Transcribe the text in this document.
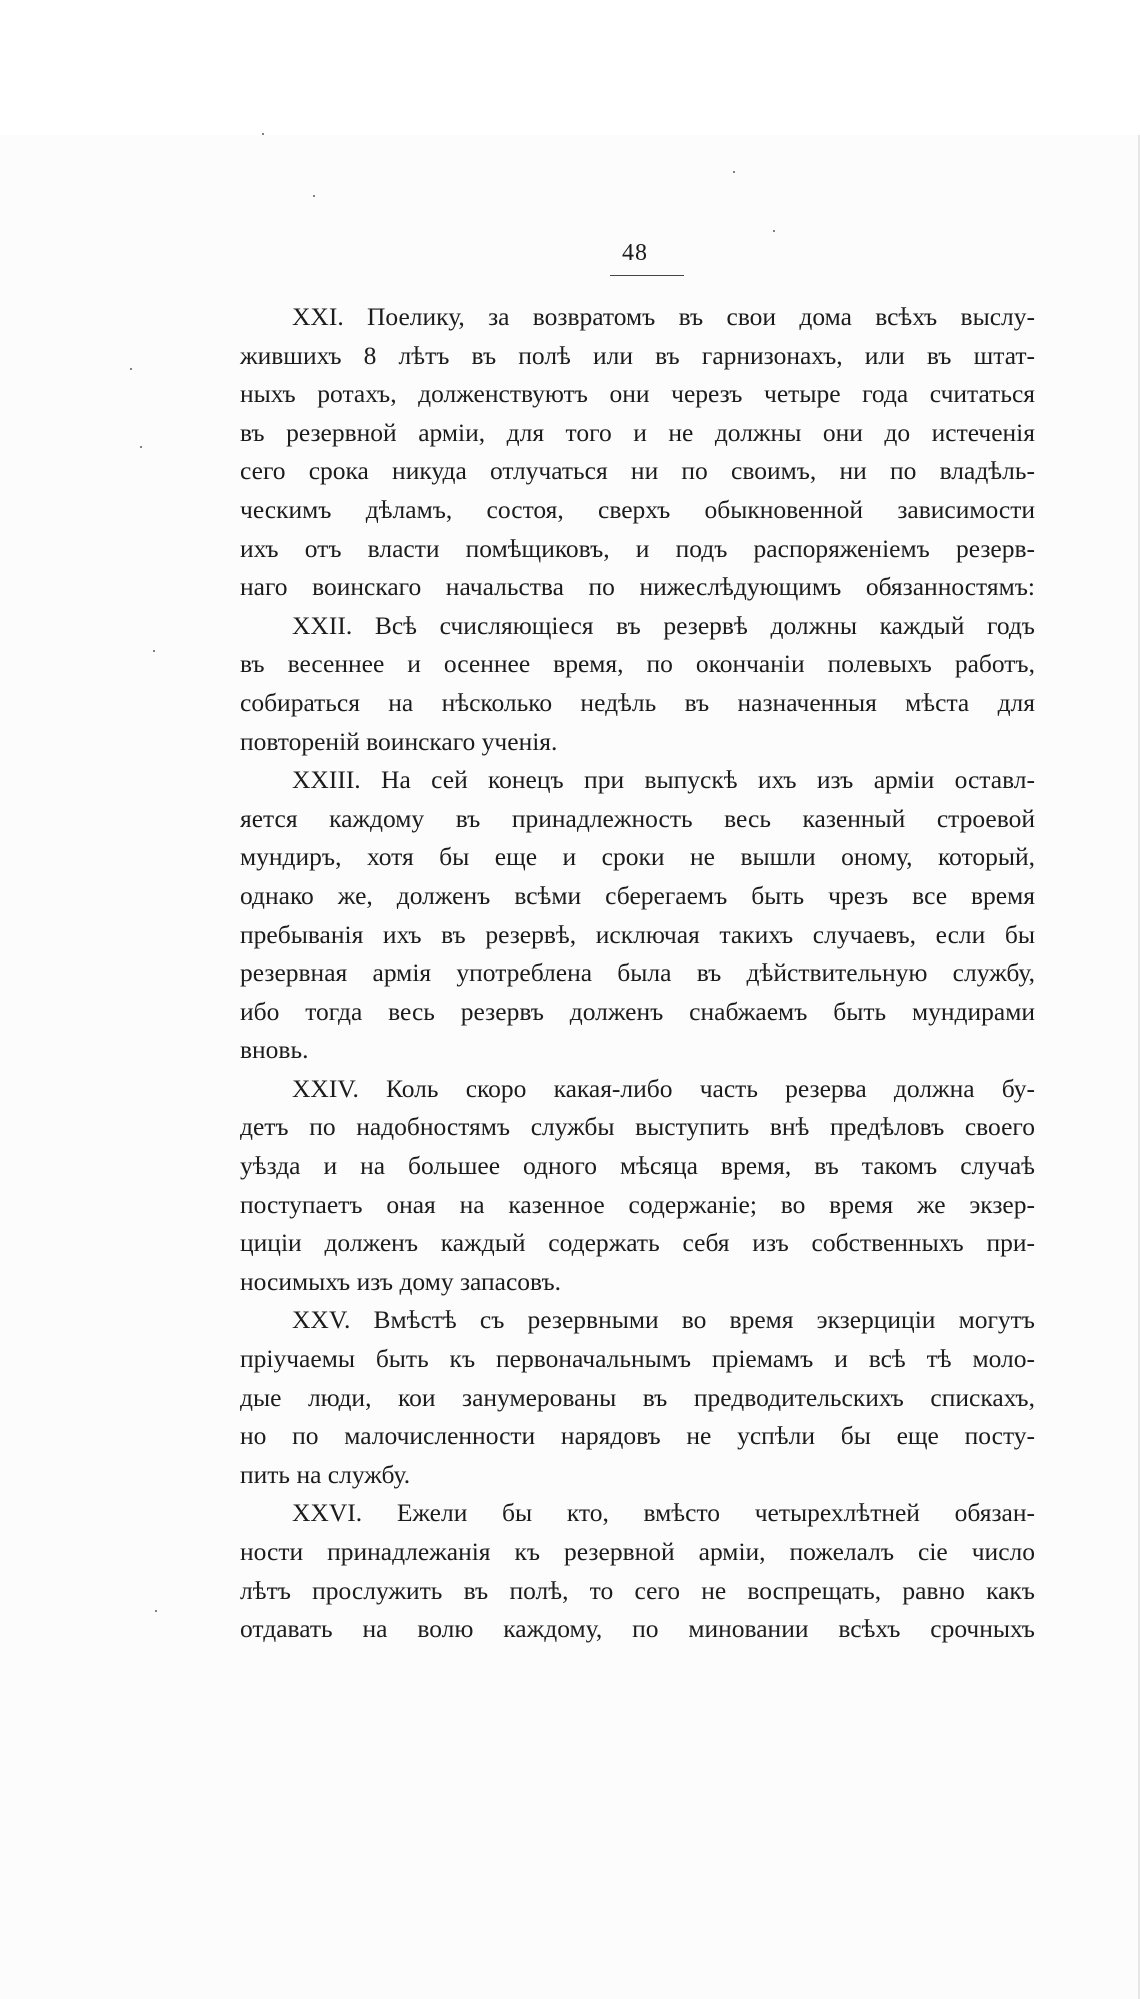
48
XXI. Поелику, за возвратомъ въ свои дома всѣхъ выслу-
жившихъ 8 лѣтъ въ полѣ или въ гарнизонахъ, или въ штат-
ныхъ ротахъ, долженствуютъ они черезъ четыре года считаться
въ резервной арміи, для того и не должны они до истеченія
сего срока никуда отлучаться ни по своимъ, ни по владѣль-
ческимъ дѣламъ, состоя, сверхъ обыкновенной зависимости
ихъ отъ власти помѣщиковъ, и подъ распоряженіемъ резерв-
наго воинскаго начальства по нижеслѣдующимъ обязанностямъ:
XXII. Всѣ счисляющіеся въ резервѣ должны каждый годъ
въ весеннее и осеннее время, по окончаніи полевыхъ работъ,
собираться на нѣсколько недѣль въ назначенныя мѣста для
повтореній воинскаго ученія.
XXIII. На сей конецъ при выпускѣ ихъ изъ арміи оставл-
яется каждому въ принадлежность весь казенный строевой
мундиръ, хотя бы еще и сроки не вышли оному, который,
однако же, долженъ всѣми сберегаемъ быть чрезъ все время
пребыванія ихъ въ резервѣ, исключая такихъ случаевъ, если бы
резервная армія употреблена была въ дѣйствительную службу,
ибо тогда весь резервъ долженъ снабжаемъ быть мундирами
вновь.
XXIV. Коль скоро какая-либо часть резерва должна бу-
детъ по надобностямъ службы выступить внѣ предѣловъ своего
уѣзда и на большее одного мѣсяца время, въ такомъ случаѣ
поступаетъ оная на казенное содержаніе; во время же экзер-
циціи долженъ каждый содержать себя изъ собственныхъ при-
носимыхъ изъ дому запасовъ.
XXV. Вмѣстѣ съ резервными во время экзерциціи могутъ
пріучаемы быть къ первоначальнымъ пріемамъ и всѣ тѣ моло-
дые люди, кои занумерованы въ предводительскихъ спискахъ,
но по малочисленности нарядовъ не успѣли бы еще посту-
пить на службу.
XXVI. Ежели бы кто, вмѣсто четырехлѣтней обязан-
ности принадлежанія къ резервной арміи, пожелалъ сіе число
лѣтъ прослужить въ полѣ, то сего не воспрещать, равно какъ
отдавать на волю каждому, по миновании всѣхъ срочныхъ
